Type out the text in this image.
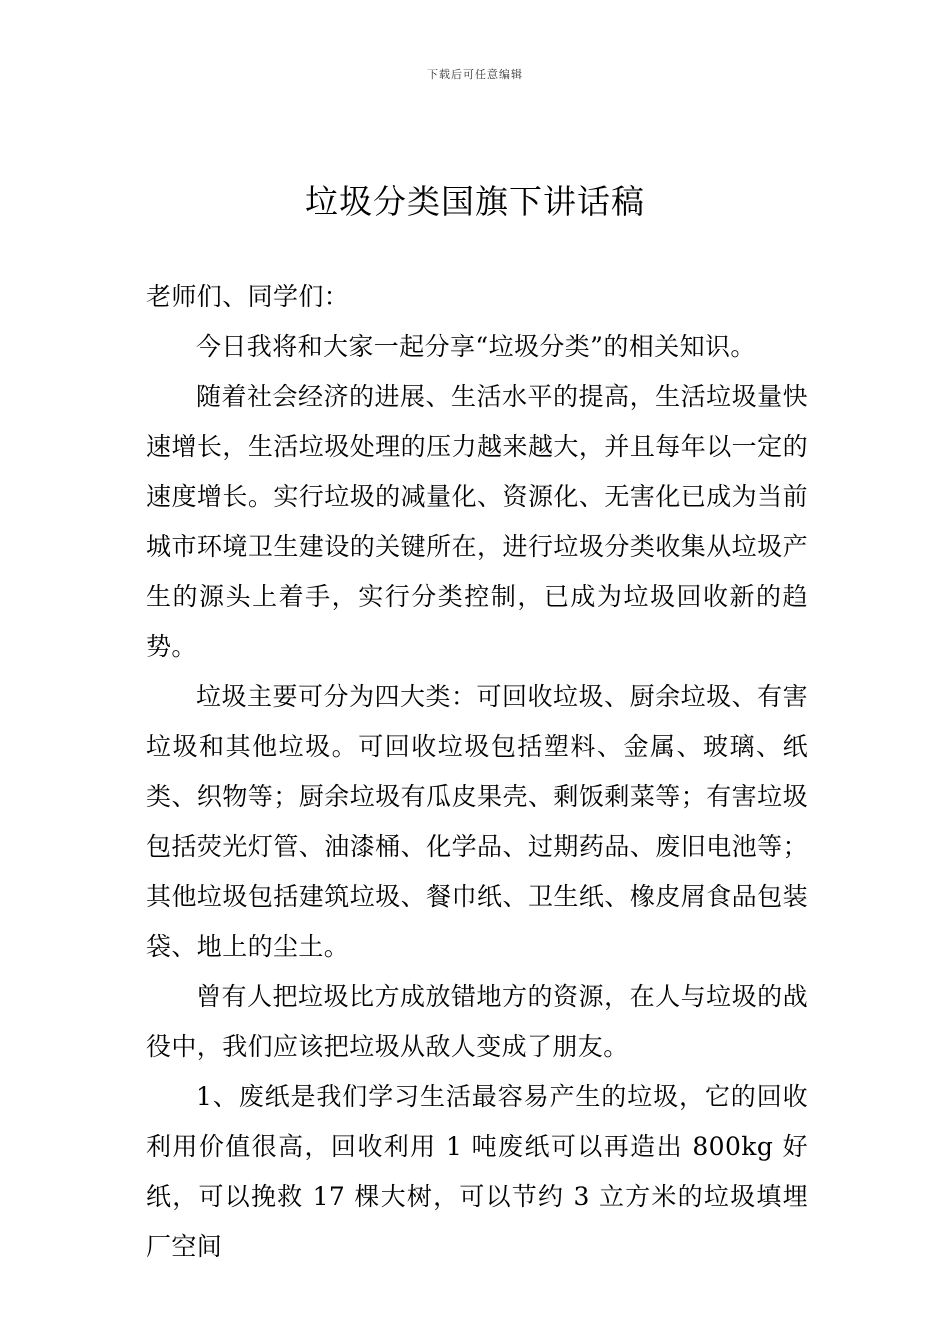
下载后可任意编辑
垃圾分类国旗下讲话稿

老师们、同学们：

今日我将和大家一起分享“垃圾分类”的相关知识。

随着社会经济的进展、生活水平的提高，生活垃圾量快速增长，生活垃圾处理的压力越来越大，并且每年以一定的速度增长。实行垃圾的减量化、资源化、无害化已成为当前城市环境卫生建设的关键所在，进行垃圾分类收集从垃圾产生的源头上着手，实行分类控制，已成为垃圾回收新的趋势。

垃圾主要可分为四大类：可回收垃圾、厨余垃圾、有害垃圾和其他垃圾。可回收垃圾包括塑料、金属、玻璃、纸类、织物等；厨余垃圾有瓜皮果壳、剩饭剩菜等；有害垃圾包括荧光灯管、油漆桶、化学品、过期药品、废旧电池等；其他垃圾包括建筑垃圾、餐巾纸、卫生纸、橡皮屑食品包装袋、地上的尘土。

曾有人把垃圾比方成放错地方的资源，在人与垃圾的战役中，我们应该把垃圾从敌人变成了朋友。

1、废纸是我们学习生活最容易产生的垃圾，它的回收利用价值很高，回收利用 1 吨废纸可以再造出 800kg 好纸，可以挽救 17 棵大树，可以节约 3 立方米的垃圾填埋厂空间
